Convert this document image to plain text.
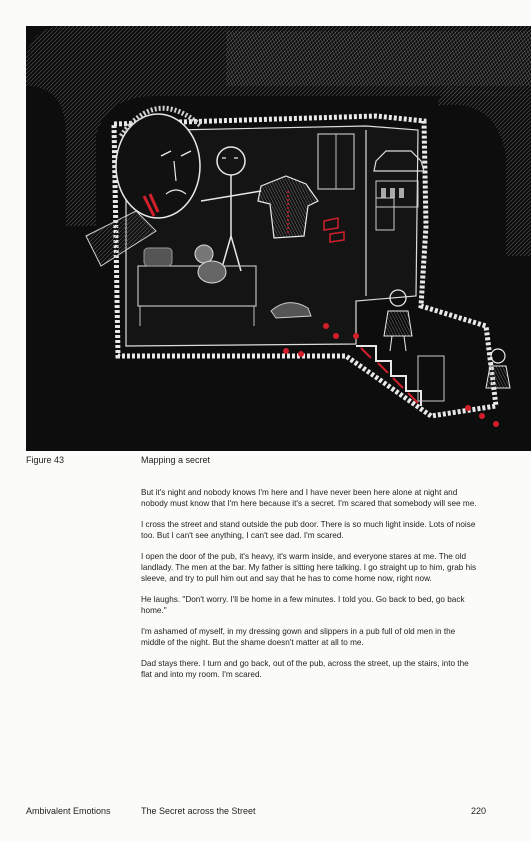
Figure 43	Mapping a secret

But it's night and nobody knows I'm here and I have never been here alone at night and nobody must know that I'm here because it's a secret. I'm scared that somebody will see me.

I cross the street and stand outside the pub door. There is so much light inside. Lots of noise too. But I can't see anything, I can't see dad. I'm scared.

I open the door of the pub, it's heavy, it's warm inside, and everyone stares at me. The old landlady. The men at the bar. My father is sitting here talking. I go straight up to him, grab his sleeve, and try to pull him out and say that he has to come home now, right now.

He laughs. "Don't worry. I'll be home in a few minutes. I told you. Go back to bed, go back home."

I'm ashamed of myself, in my dressing gown and slippers in a pub full of old men in the middle of the night. But the shame doesn't matter at all to me.

Dad stays there. I turn and go back, out of the pub, across the street, up the stairs, into the flat and into my room. I'm scared.

Ambivalent Emotions	The Secret across the Street	220
